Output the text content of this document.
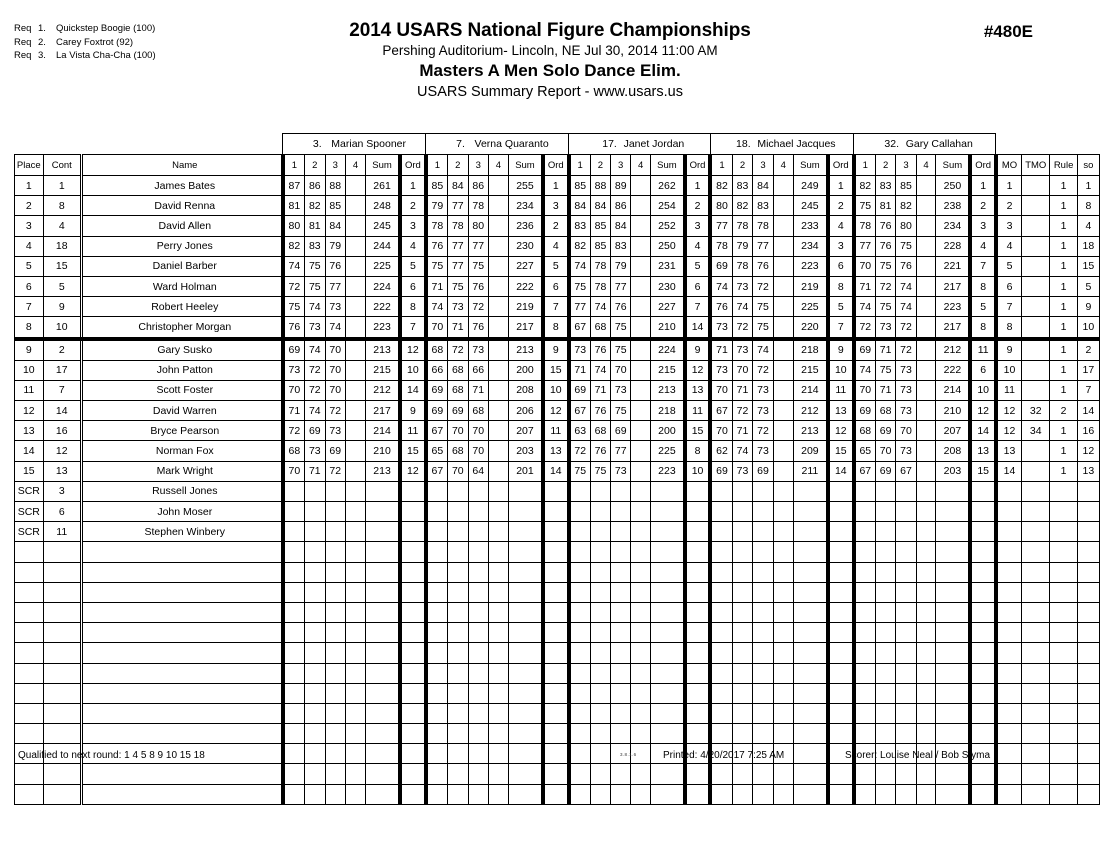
Req 1. Quickstep Boogie (100)
Req 2. Carey Foxtrot (92)
Req 3. La Vista Cha-Cha (100)
2014 USARS National Figure Championships
Pershing Auditorium- Lincoln, NE Jul 30, 2014 11:00 AM
Masters A Men Solo Dance Elim.
USARS Summary Report - www.usars.us
#480E
			3. Marian Spooner						7. Verna Quaranto						17. Janet Jordan						18. Michael Jacques						32. Gary Callahan									
Place	Cont	Name	1	2	3	4	Sum	Ord	1	2	3	4	Sum	Ord	1	2	3	4	Sum	Ord	1	2	3	4	Sum	Ord	1	2	3	4	Sum	Ord	MO	TMO	Rule	so
1	1	James Bates	87	86	88		261	1	85	84	86		255	1	85	88	89		262	1	82	83	84		249	1	82	83	85		250	1	1		1	1
2	8	David Renna	81	82	85		248	2	79	77	78		234	3	84	84	86		254	2	80	82	83		245	2	75	81	82		238	2	2		1	8
3	4	David Allen	80	81	84		245	3	78	78	80		236	2	83	85	84		252	3	77	78	78		233	4	78	76	80		234	3	3		1	4
4	18	Perry Jones	82	83	79		244	4	76	77	77		230	4	82	85	83		250	4	78	79	77		234	3	77	76	75		228	4	4		1	18
5	15	Daniel Barber	74	75	76		225	5	75	77	75		227	5	74	78	79		231	5	69	78	76		223	6	70	75	76		221	7	5		1	15
6	5	Ward Holman	72	75	77		224	6	71	75	76		222	6	75	78	77		230	6	74	73	72		219	8	71	72	74		217	8	6		1	5
7	9	Robert Heeley	75	74	73		222	8	74	73	72		219	7	77	74	76		227	7	76	74	75		225	5	74	75	74		223	5	7		1	9
8	10	Christopher Morgan	76	73	74		223	7	70	71	76		217	8	67	68	75		210	14	73	72	75		220	7	72	73	72		217	8	8		1	10
9	2	Gary Susko	69	74	70		213	12	68	72	73		213	9	73	76	75		224	9	71	73	74		218	9	69	71	72		212	11	9		1	2
10	17	John Patton	73	72	70		215	10	66	68	66		200	15	71	74	70		215	12	73	70	72		215	10	74	75	73		222	6	10		1	17
11	7	Scott Foster	70	72	70		212	14	69	68	71		208	10	69	71	73		213	13	70	71	73		214	11	70	71	73		214	10	11		1	7
12	14	David Warren	71	74	72		217	9	69	69	68		206	12	67	76	75		218	11	67	72	73		212	13	69	68	73		210	12	12	32	2	14
13	16	Bryce Pearson	72	69	73		214	11	67	70	70		207	11	63	68	69		200	15	70	71	72		213	12	68	69	70		207	14	12	34	1	16
14	12	Norman Fox	68	73	69		210	15	65	68	70		203	13	72	76	77		225	8	62	74	73		209	15	65	70	73		208	13	13		1	12
15	13	Mark Wright	70	71	72		213	12	67	70	64		201	14	75	75	73		223	10	69	73	69		211	14	67	69	67		203	15	14		1	13
SCR	3	Russell Jones																																		
SCR	6	John Moser																																		
SCR	11	Stephen Winbery																																		

Qualified to next round: 1 4 5 8 9 10 15 18	3.8.1.6	Printed: 4/20/2017 7:25 AM	Scorer: Louise Neal / Bob Styma
